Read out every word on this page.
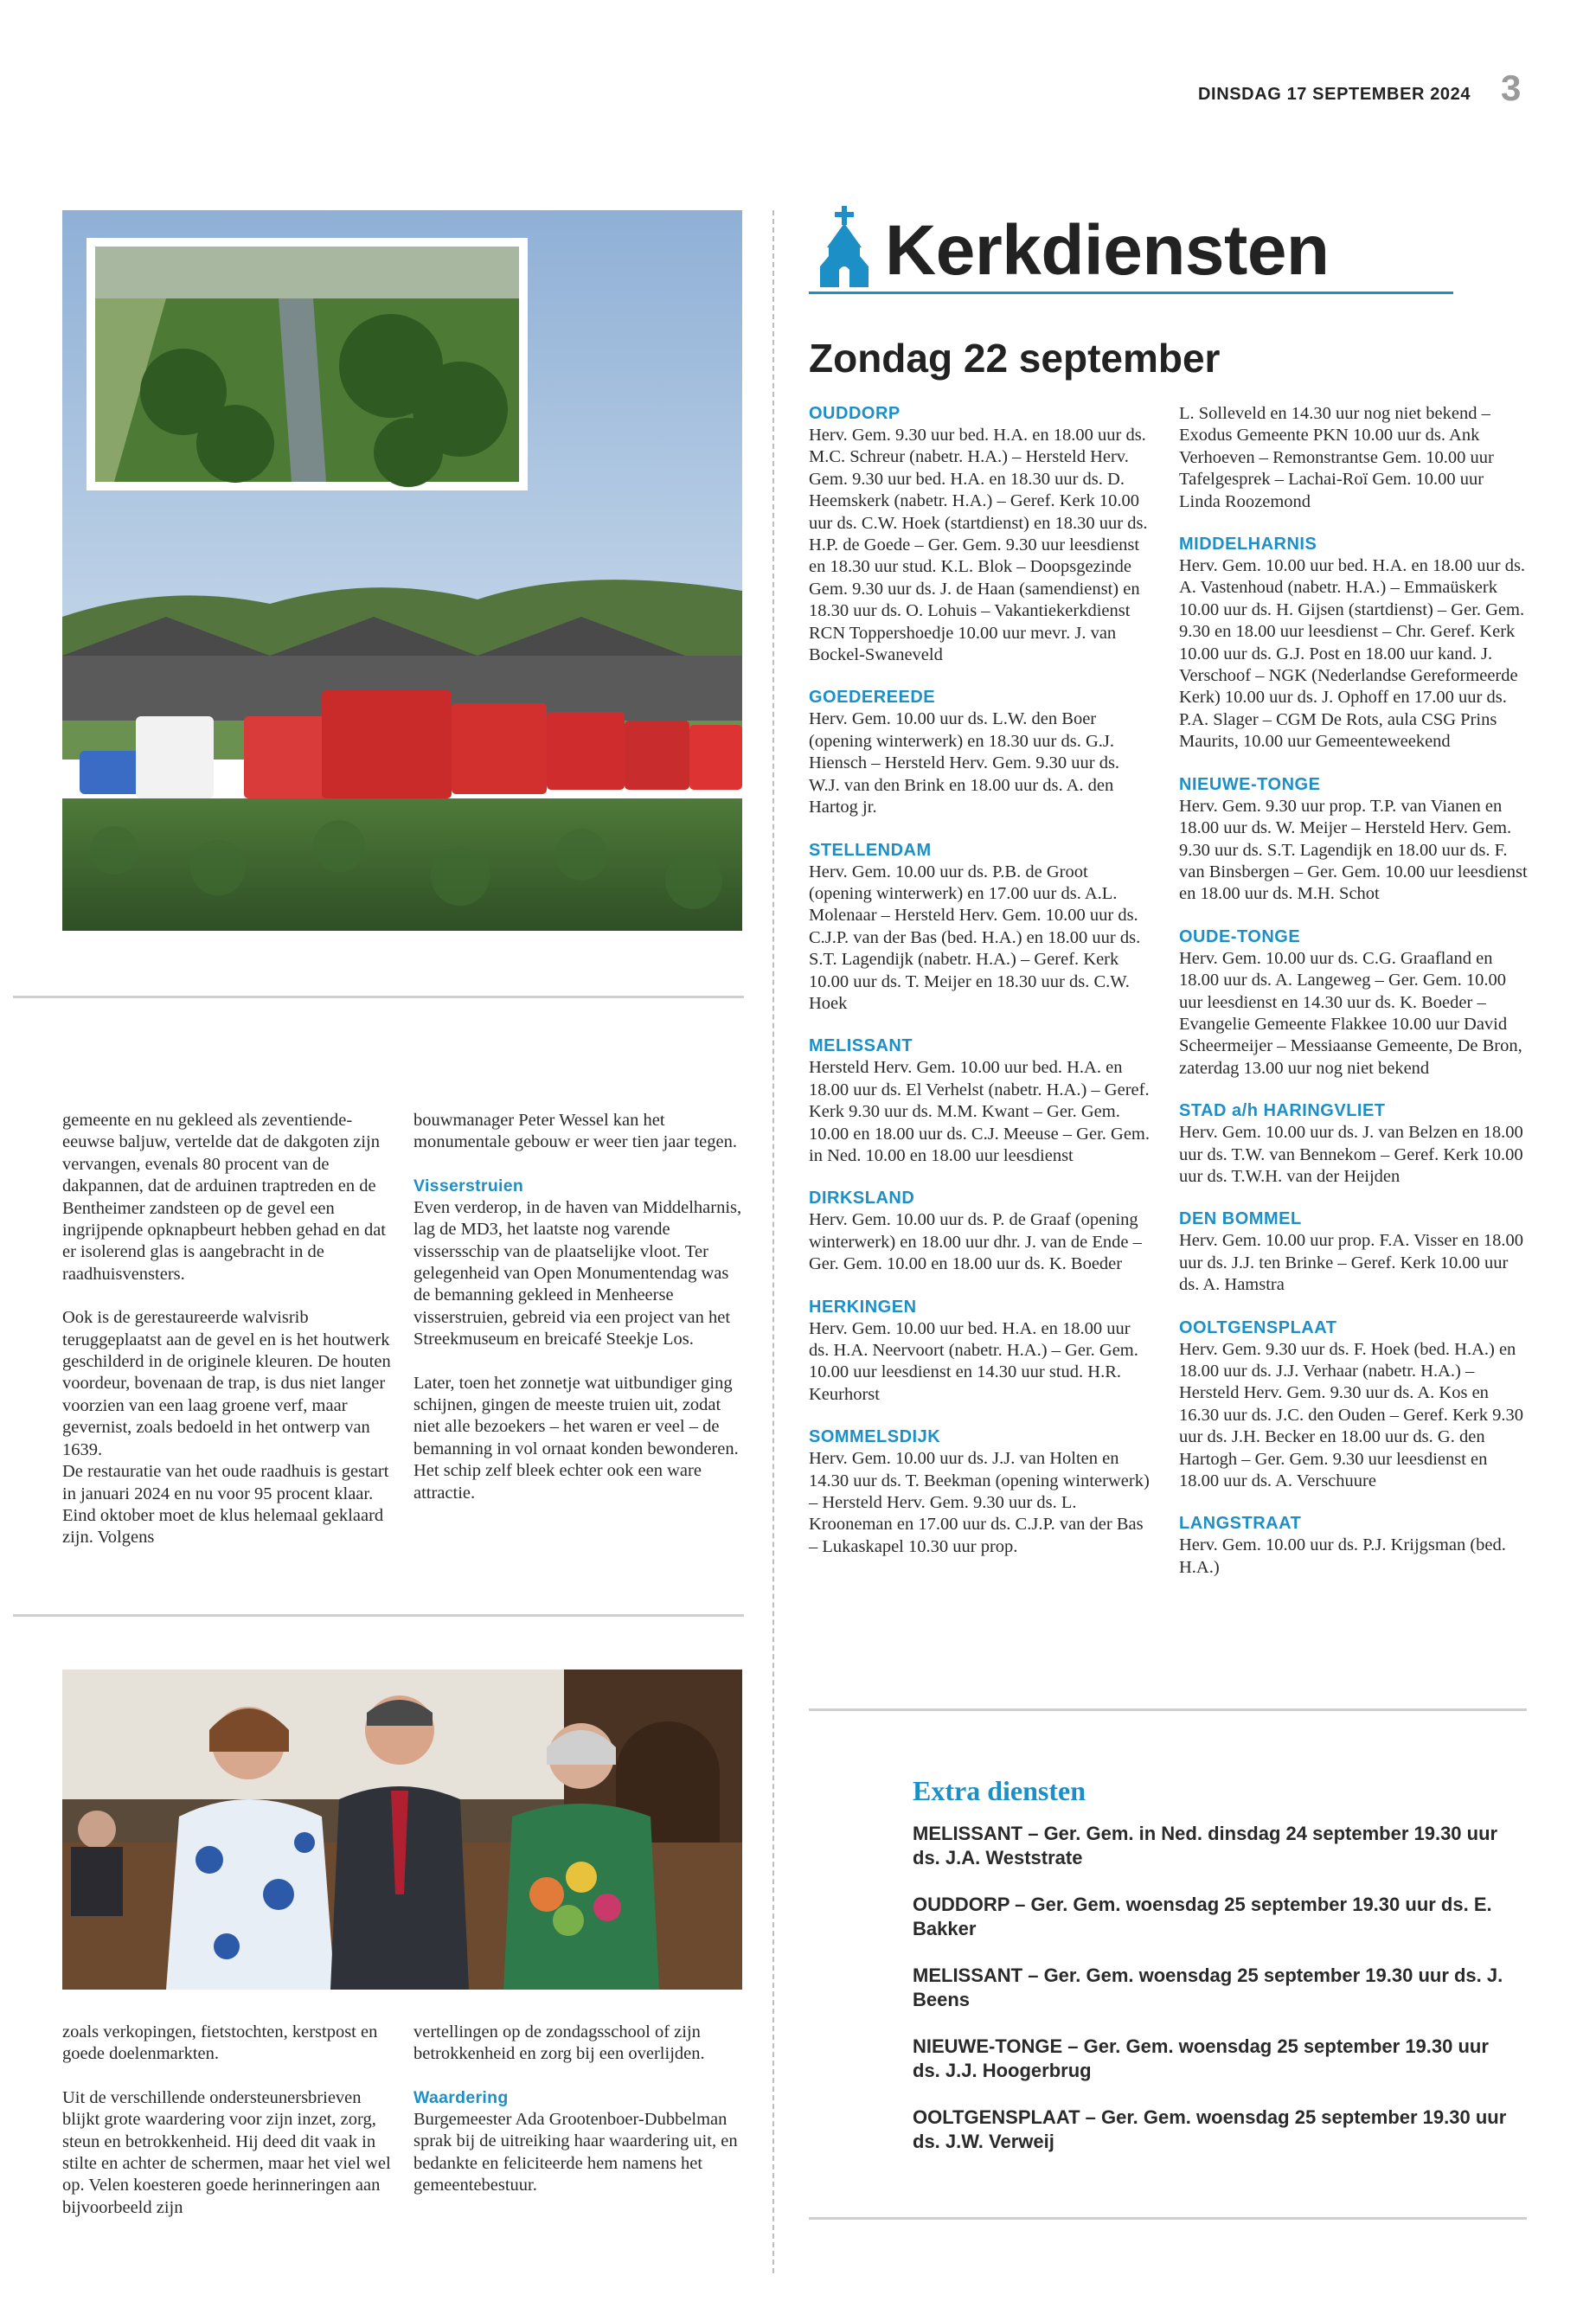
DINSDAG 17 SEPTEMBER 2024 3

gemeente en nu gekleed als zeventiende-eeuwse baljuw, vertelde dat de dakgoten zijn vervangen, evenals 80 procent van de dakpannen, dat de arduinen traptreden en de Bentheimer zandsteen op de gevel een ingrijpende opknapbeurt hebben gehad en dat er isolerend glas is aangebracht in de raadhuisvensters.

Ook is de gerestaureerde walvisrib teruggeplaatst aan de gevel en is het houtwerk geschilderd in de originele kleuren. De houten voordeur, bovenaan de trap, is dus niet langer voorzien van een laag groene verf, maar gevernist, zoals bedoeld in het ontwerp van 1639.

De restauratie van het oude raadhuis is gestart in januari 2024 en nu voor 95 procent klaar. Eind oktober moet de klus helemaal geklaard zijn. Volgens

bouwmanager Peter Wessel kan het monumentale gebouw er weer tien jaar tegen.

Visserstruien

Even verderop, in de haven van Middelharnis, lag de MD3, het laatste nog varende vissersschip van de plaatselijke vloot. Ter gelegenheid van Open Monumentendag was de bemanning gekleed in Menheerse visserstruien, gebreid via een project van het Streekmuseum en breicafé Steekje Los.

Later, toen het zonnetje wat uitbundiger ging schijnen, gingen de meeste truien uit, zodat niet alle bezoekers – het waren er veel – de bemanning in vol ornaat konden bewonderen. Het schip zelf bleek echter ook een ware attractie.

zoals verkopingen, fietstochten, kerstpost en goede doelenmarkten.

Uit de verschillende ondersteunersbrieven blijkt grote waardering voor zijn inzet, zorg, steun en betrokkenheid. Hij deed dit vaak in stilte en achter de schermen, maar het viel wel op. Velen koesteren goede herinneringen aan bijvoorbeeld zijn

vertellingen op de zondagsschool of zijn betrokkenheid en zorg bij een overlijden.

Waardering

Burgemeester Ada Grootenboer-Dubbelman sprak bij de uitreiking haar waardering uit, en bedankte en feliciteerde hem namens het gemeentebestuur.

Kerkdiensten
Zondag 22 september
OUDDORP
Herv. Gem. 9.30 uur bed. H.A. en 18.00 uur ds. M.C. Schreur (nabetr. H.A.) – Hersteld Herv. Gem. 9.30 uur bed. H.A. en 18.30 uur ds. D. Heemskerk (nabetr. H.A.) – Geref. Kerk 10.00 uur ds. C.W. Hoek (startdienst) en 18.30 uur ds. H.P. de Goede – Ger. Gem. 9.30 uur leesdienst en 18.30 uur stud. K.L. Blok – Doopsgezinde Gem. 9.30 uur ds. J. de Haan (samendienst) en 18.30 uur ds. O. Lohuis – Vakantiekerkdienst RCN Toppershoedje 10.00 uur mevr. J. van Bockel-Swaneveld
GOEDEREEDE
Herv. Gem. 10.00 uur ds. L.W. den Boer (opening winterwerk) en 18.30 uur ds. G.J. Hiensch – Hersteld Herv. Gem. 9.30 uur ds. W.J. van den Brink en 18.00 uur ds. A. den Hartog jr.
STELLENDAM
Herv. Gem. 10.00 uur ds. P.B. de Groot (opening winterwerk) en 17.00 uur ds. A.L. Molenaar – Hersteld Herv. Gem. 10.00 uur ds. C.J.P. van der Bas (bed. H.A.) en 18.00 uur ds. S.T. Lagendijk (nabetr. H.A.) – Geref. Kerk 10.00 uur ds. T. Meijer en 18.30 uur ds. C.W. Hoek
MELISSANT
Hersteld Herv. Gem. 10.00 uur bed. H.A. en 18.00 uur ds. El Verhelst (nabetr. H.A.) – Geref. Kerk 9.30 uur ds. M.M. Kwant – Ger. Gem. 10.00 en 18.00 uur ds. C.J. Meeuse – Ger. Gem. in Ned. 10.00 en 18.00 uur leesdienst
DIRKSLAND
Herv. Gem. 10.00 uur ds. P. de Graaf (opening winterwerk) en 18.00 uur dhr. J. van de Ende – Ger. Gem. 10.00 en 18.00 uur ds. K. Boeder
HERKINGEN
Herv. Gem. 10.00 uur bed. H.A. en 18.00 uur ds. H.A. Neervoort (nabetr. H.A.) – Ger. Gem. 10.00 uur leesdienst en 14.30 uur stud. H.R. Keurhorst
SOMMELSDIJK
Herv. Gem. 10.00 uur ds. J.J. van Holten en 14.30 uur ds. T. Beekman (opening winterwerk) – Hersteld Herv. Gem. 9.30 uur ds. L. Krooneman en 17.00 uur ds. C.J.P. van der Bas – Lukaskapel 10.30 uur prop.
L. Solleveld en 14.30 uur nog niet bekend – Exodus Gemeente PKN 10.00 uur ds. Ank Verhoeven – Remonstrantse Gem. 10.00 uur Tafelgesprek – Lachai-Roï Gem. 10.00 uur Linda Roozemond
MIDDELHARNIS
Herv. Gem. 10.00 uur bed. H.A. en 18.00 uur ds. A. Vastenhoud (nabetr. H.A.) – Emmaüskerk 10.00 uur ds. H. Gijsen (startdienst) – Ger. Gem. 9.30 en 18.00 uur leesdienst – Chr. Geref. Kerk 10.00 uur ds. G.J. Post en 18.00 uur kand. J. Verschoof – NGK (Nederlandse Gereformeerde Kerk) 10.00 uur ds. J. Ophoff en 17.00 uur ds. P.A. Slager – CGM De Rots, aula CSG Prins Maurits, 10.00 uur Gemeenteweekend
NIEUWE-TONGE
Herv. Gem. 9.30 uur prop. T.P. van Vianen en 18.00 uur ds. W. Meijer – Hersteld Herv. Gem. 9.30 uur ds. S.T. Lagendijk en 18.00 uur ds. F. van Binsbergen – Ger. Gem. 10.00 uur leesdienst en 18.00 uur ds. M.H. Schot
OUDE-TONGE
Herv. Gem. 10.00 uur ds. C.G. Graafland en 18.00 uur ds. A. Langeweg – Ger. Gem. 10.00 uur leesdienst en 14.30 uur ds. K. Boeder – Evangelie Gemeente Flakkee 10.00 uur David Scheermeijer – Messiaanse Gemeente, De Bron, zaterdag 13.00 uur nog niet bekend
STAD a/h HARINGVLIET
Herv. Gem. 10.00 uur ds. J. van Belzen en 18.00 uur ds. T.W. van Bennekom – Geref. Kerk 10.00 uur ds. T.W.H. van der Heijden
DEN BOMMEL
Herv. Gem. 10.00 uur prop. F.A. Visser en 18.00 uur ds. J.J. ten Brinke – Geref. Kerk 10.00 uur ds. A. Hamstra
OOLTGENSPLAAT
Herv. Gem. 9.30 uur ds. F. Hoek (bed. H.A.) en 18.00 uur ds. J.J. Verhaar (nabetr. H.A.) – Hersteld Herv. Gem. 9.30 uur ds. A. Kos en 16.30 uur ds. J.C. den Ouden – Geref. Kerk 9.30 uur ds. J.H. Becker en 18.00 uur ds. G. den Hartogh – Ger. Gem. 9.30 uur leesdienst en 18.00 uur ds. A. Verschuure
LANGSTRAAT
Herv. Gem. 10.00 uur ds. P.J. Krijgsman (bed. H.A.)
Extra diensten
MELISSANT – Ger. Gem. in Ned. dinsdag 24 september 19.30 uur ds. J.A. Weststrate
OUDDORP – Ger. Gem. woensdag 25 september 19.30 uur ds. E. Bakker
MELISSANT – Ger. Gem. woensdag 25 september 19.30 uur ds. J. Beens
NIEUWE-TONGE – Ger. Gem. woensdag 25 september 19.30 uur ds. J.J. Hoogerbrug
OOLTGENSPLAAT – Ger. Gem. woensdag 25 september 19.30 uur ds. J.W. Verweij
